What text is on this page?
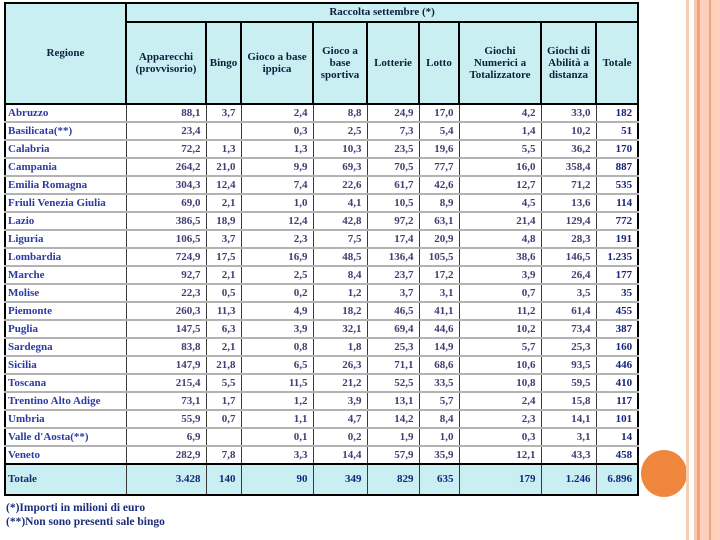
Regione	Raccolta settembre (*)								
	Apparecchi (provvisorio)	Bingo	Gioco a base ippica	Gioco a base sportiva	Lotterie	Lotto	Giochi Numerici a Totalizzatore	Giochi di Abilità a distanza	Totale
Abruzzo	88,1	3,7	2,4	8,8	24,9	17,0	4,2	33,0	182
Basilicata(**)	23,4		0,3	2,5	7,3	5,4	1,4	10,2	51
Calabria	72,2	1,3	1,3	10,3	23,5	19,6	5,5	36,2	170
Campania	264,2	21,0	9,9	69,3	70,5	77,7	16,0	358,4	887
Emilia Romagna	304,3	12,4	7,4	22,6	61,7	42,6	12,7	71,2	535
Friuli Venezia Giulia	69,0	2,1	1,0	4,1	10,5	8,9	4,5	13,6	114
Lazio	386,5	18,9	12,4	42,8	97,2	63,1	21,4	129,4	772
Liguria	106,5	3,7	2,3	7,5	17,4	20,9	4,8	28,3	191
Lombardia	724,9	17,5	16,9	48,5	136,4	105,5	38,6	146,5	1.235
Marche	92,7	2,1	2,5	8,4	23,7	17,2	3,9	26,4	177
Molise	22,3	0,5	0,2	1,2	3,7	3,1	0,7	3,5	35
Piemonte	260,3	11,3	4,9	18,2	46,5	41,1	11,2	61,4	455
Puglia	147,5	6,3	3,9	32,1	69,4	44,6	10,2	73,4	387
Sardegna	83,8	2,1	0,8	1,8	25,3	14,9	5,7	25,3	160
Sicilia	147,9	21,8	6,5	26,3	71,1	68,6	10,6	93,5	446
Toscana	215,4	5,5	11,5	21,2	52,5	33,5	10,8	59,5	410
Trentino Alto Adige	73,1	1,7	1,2	3,9	13,1	5,7	2,4	15,8	117
Umbria	55,9	0,7	1,1	4,7	14,2	8,4	2,3	14,1	101
Valle d'Aosta(**)	6,9		0,1	0,2	1,9	1,0	0,3	3,1	14
Veneto	282,9	7,8	3,3	14,4	57,9	35,9	12,1	43,3	458
Totale	3.428	140	90	349	829	635	179	1.246	6.896
(*)Importi in milioni di euro
(**)Non sono presenti sale bingo
